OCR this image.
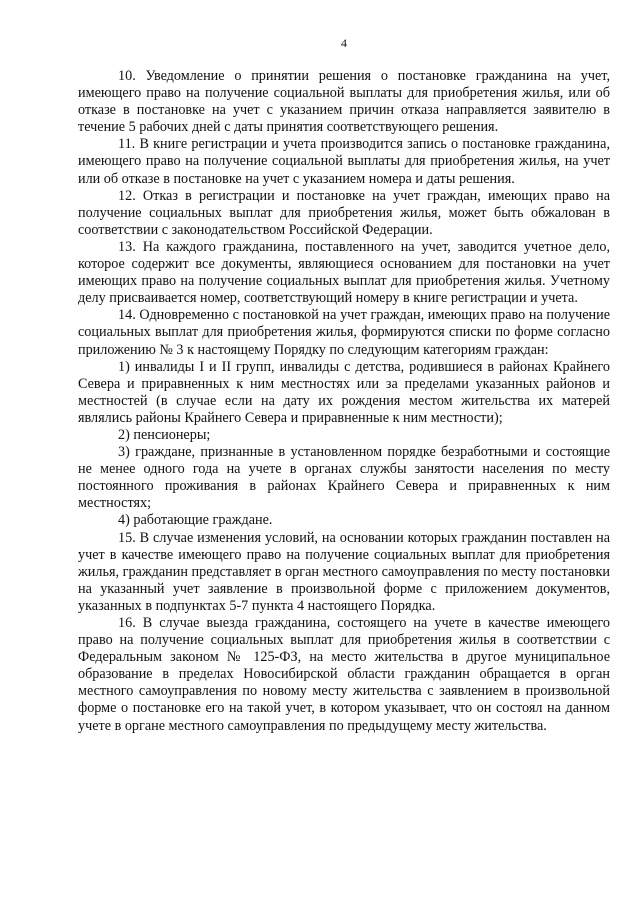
4

10. Уведомление о принятии решения о постановке гражданина на учет, имеющего право на получение социальной выплаты для приобретения жилья, или об отказе в постановке на учет с указанием причин отказа направляется заявителю в течение 5 рабочих дней с даты принятия соответствующего решения.

11. В книге регистрации и учета производится запись о постановке гражданина, имеющего право на получение социальной выплаты для приобретения жилья, на учет или об отказе в постановке на учет с указанием номера и даты решения.

12. Отказ в регистрации и постановке на учет граждан, имеющих право на получение социальных выплат для приобретения жилья, может быть обжалован в соответствии с законодательством Российской Федерации.

13. На каждого гражданина, поставленного на учет, заводится учетное дело, которое содержит все документы, являющиеся основанием для постановки на учет имеющих право на получение социальных выплат для приобретения жилья. Учетному делу присваивается номер, соответствующий номеру в книге регистрации и учета.

14. Одновременно с постановкой на учет граждан, имеющих право на получение социальных выплат для приобретения жилья, формируются списки по форме согласно приложению № 3 к настоящему Порядку по следующим категориям граждан:

1) инвалиды I и II групп, инвалиды с детства, родившиеся в районах Крайнего Севера и приравненных к ним местностях или за пределами указанных районов и местностей (в случае если на дату их рождения местом жительства их матерей являлись районы Крайнего Севера и приравненные к ним местности);

2) пенсионеры;

3) граждане, признанные в установленном порядке безработными и состоящие не менее одного года на учете в органах службы занятости населения по месту постоянного проживания в районах Крайнего Севера и приравненных к ним местностях;

4) работающие граждане.

15. В случае изменения условий, на основании которых гражданин поставлен на учет в качестве имеющего право на получение социальных выплат для приобретения жилья, гражданин представляет в орган местного самоуправления по месту постановки на указанный учет заявление в произвольной форме с приложением документов, указанных в подпунктах 5-7 пункта 4 настоящего Порядка.

16. В случае выезда гражданина, состоящего на учете в качестве имеющего право на получение социальных выплат для приобретения жилья в соответствии с Федеральным законом № 125-ФЗ, на место жительства в другое муниципальное образование в пределах Новосибирской области гражданин обращается в орган местного самоуправления по новому месту жительства с заявлением в произвольной форме о постановке его на такой учет, в котором указывает, что он состоял на данном учете в органе местного самоуправления по предыдущему месту жительства.
